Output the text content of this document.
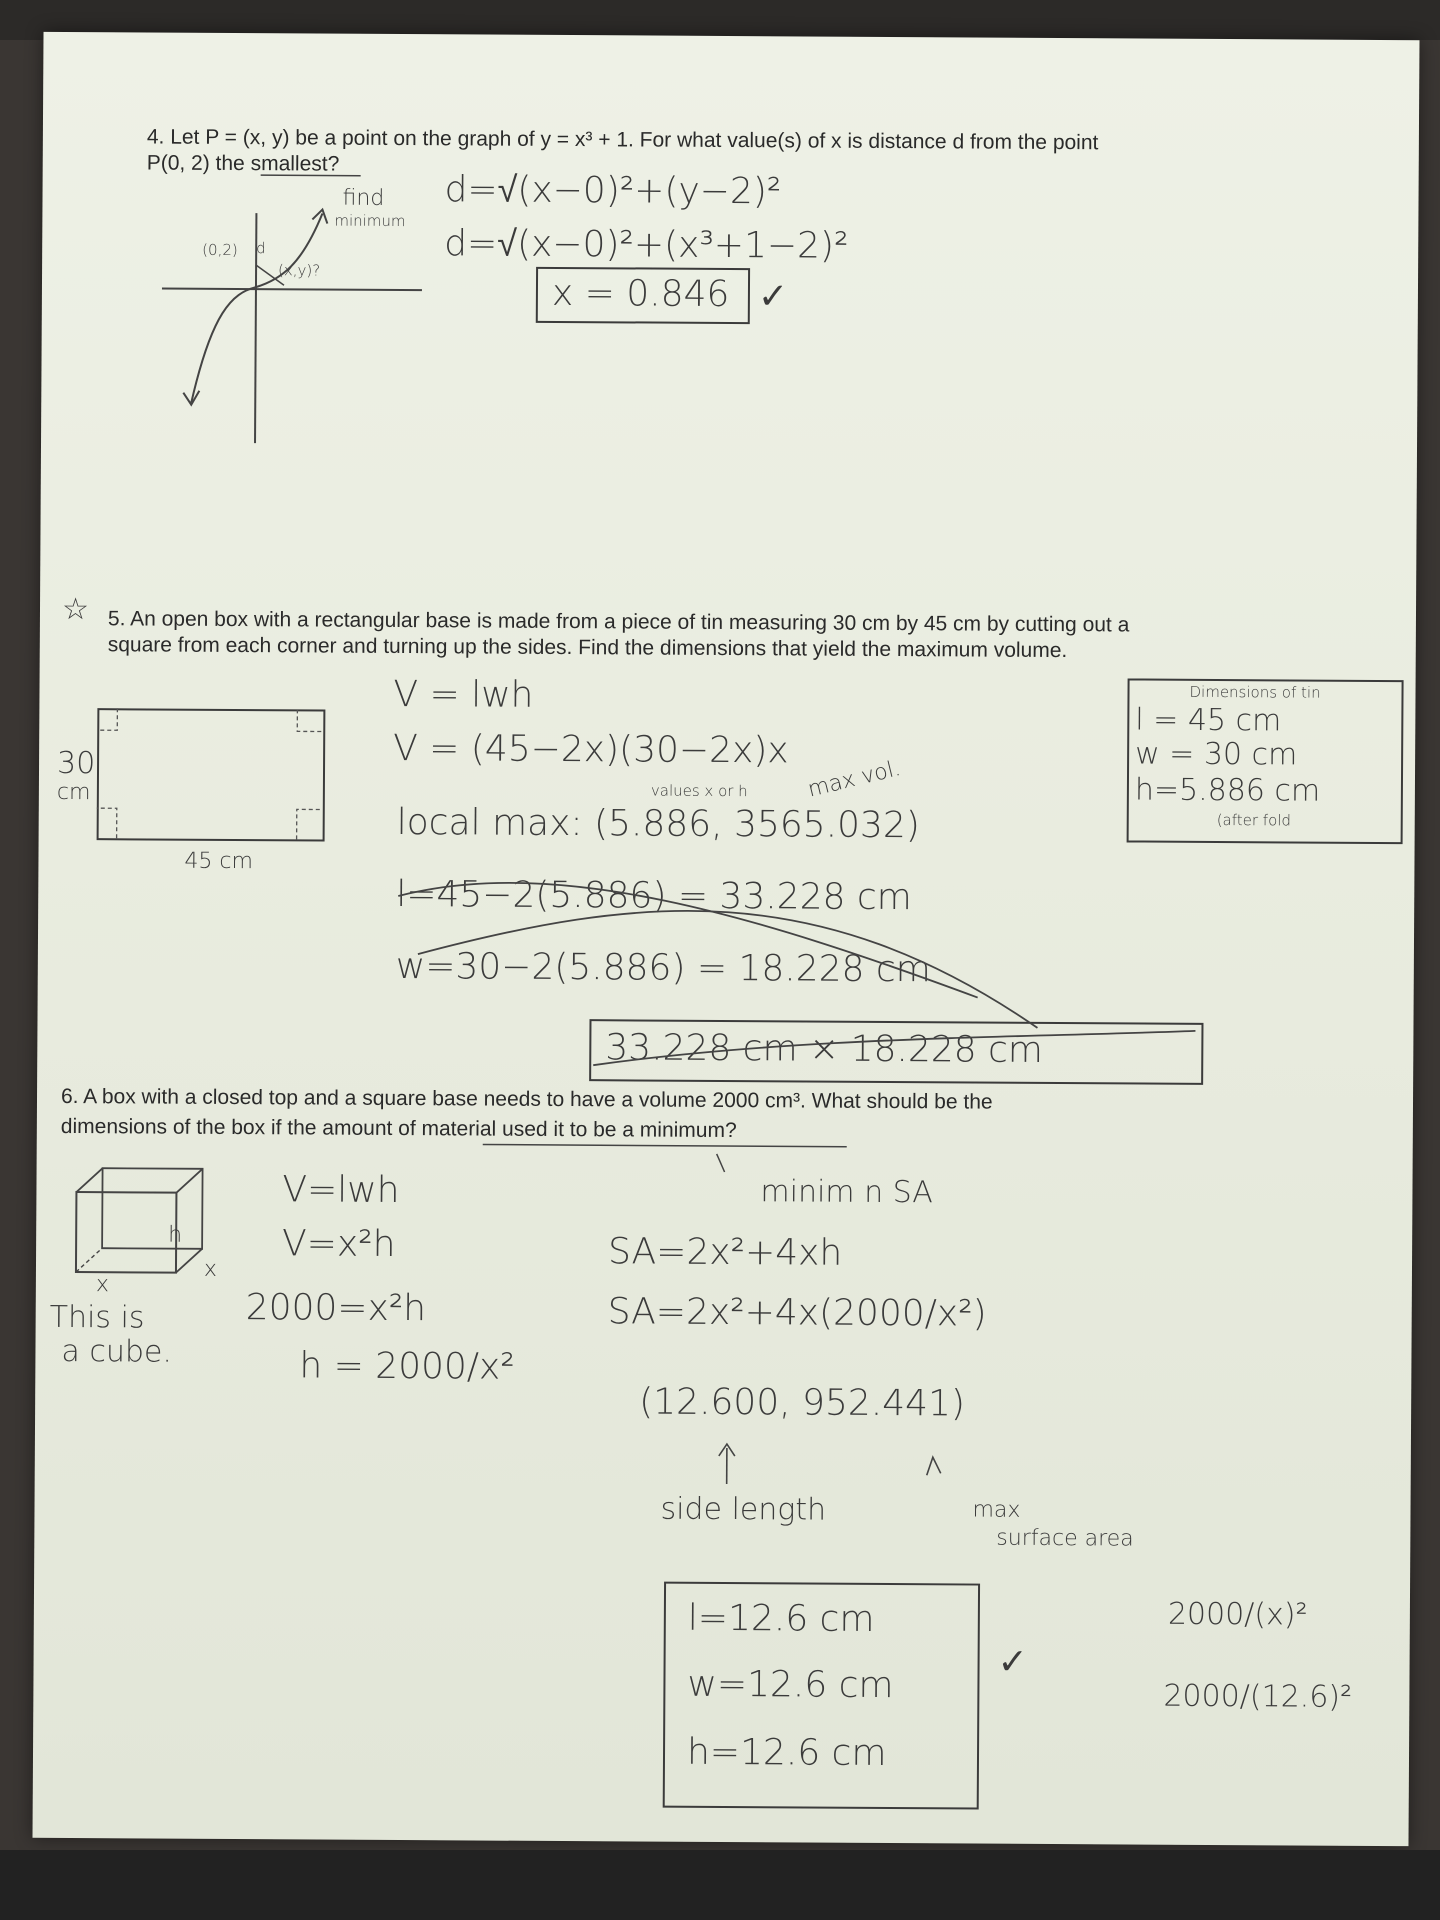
4. Let P = (x, y) be a point on the graph of y = x³ + 1. For what value(s) of x is distance d from the point

P(0, 2) the smallest?

(0,2) d
(x,y)?
find
minimum
d=√(x−0)²+(y−2)²
d=√(x−0)²+(x³+1−2)²
x = 0.846 ✓
☆ 5. An open box with a rectangular base is made from a piece of tin measuring 30 cm by 45 cm by cutting out a

square from each corner and turning up the sides. Find the dimensions that yield the maximum volume.

30
cm
45 cm
V = lwh
V = (45−2x)(30−2x)x
values x or h	max vol.
local max: (5.886, 3565.032)
l=45−2(5.886) = 33.228 cm
w=30−2(5.886) = 18.228 cm
33.228 cm × 18.228 cm
Dimensions of tin
l = 45 cm
w = 30 cm
h=5.886 cm
(after fold

6. A box with a closed top and a square base needs to have a volume 2000 cm³. What should be the

dimensions of the box if the amount of material used it to be a minimum?

h
x
x
This is
a cube.
V=lwh
V=x²h
2000=x²h
h = 2000/x²
minim n SA
SA=2x²+4xh
SA=2x²+4x(2000/x²)
(12.600, 952.441)
side length	max
surface area
l=12.6 cm
w=12.6 cm
h=12.6 cm
✓
2000/(x)²
2000/(12.6)²
